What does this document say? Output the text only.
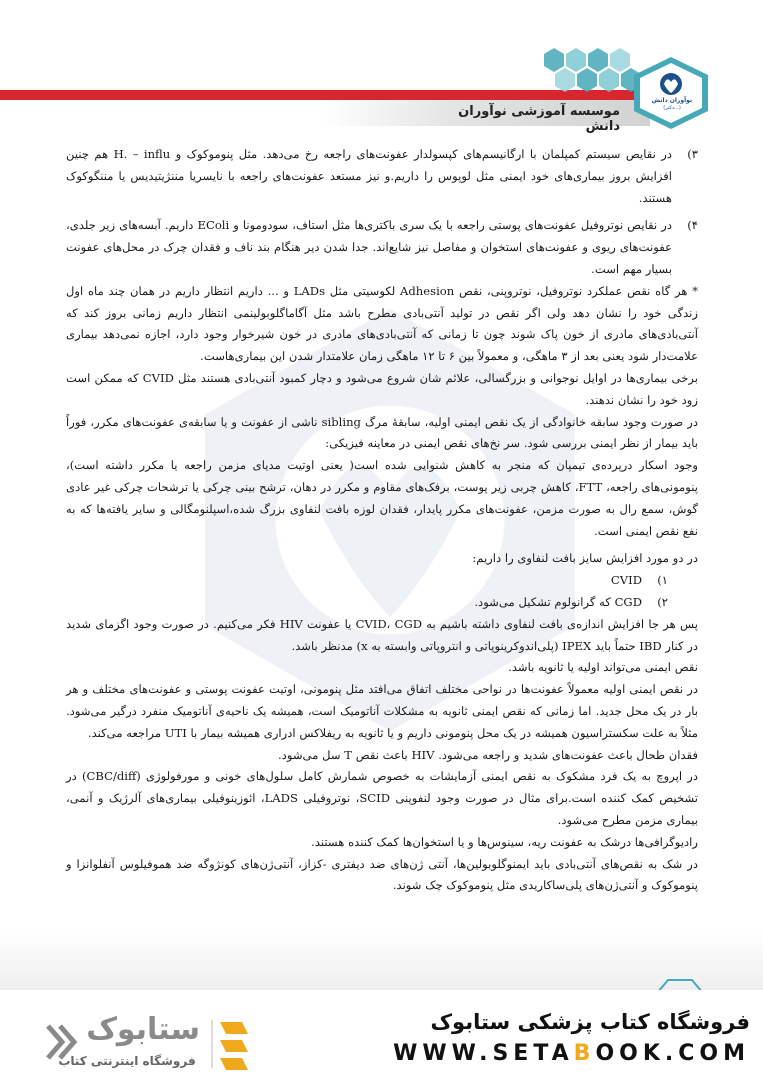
موسسه آموزشی نوآوران دانش
نوآوران دانش
(دکتر...)
۳)
در نقایص سیستم کمپلمان با ارگانیسم‌های کپسولدار عفونت‌های راجعه رخ می‌دهد. مثل پنوموکوک و H. – influ هم چنین افزایش بروز بیماری‌های خود ایمنی مثل لوپوس را داریم.و نیز مستعد عفونت‌های راجعه با نایسریا مننژیتیدیس یا مننگوکوک هستند.
۴)
در نقایص نوتروفیل عفونت‌های پوستی راجعه با یک سری باکتری‌ها مثل استاف، سودومونا و EColi داریم. آبسه‌های زیر جلدی، عفونت‌های ریوی و عفونت‌های استخوان و مفاصل نیز شایع‌اند. جدا شدن دیر هنگام بند ناف و فقدان چرک در محل‌های عفونت بسیار مهم است.

* هر گاه نقص عملکرد نوتروفیل، نوتروپنی، نقص Adhesion لکوسیتی مثل LADs و ... داریم انتظار داریم در همان چند ماه اول زندگی خود را نشان دهد ولی اگر نقص در تولید آنتی‌بادی مطرح باشد مثل آگاماگلوبولینمی انتظار داریم زمانی بروز کند که آنتی‌بادی‌های مادری از خون پاک شوند چون تا زمانی که آنتی‌بادی‌های مادری در خون شیرخوار وجود دارد، اجازه نمی‌دهد بیماری علامت‌دار شود یعنی بعد از ۳ ماهگی، و معمولاً بین ۶ تا ۱۲ ماهگی زمان علامتدار شدن این بیماری‌هاست.

برخی بیماری‌ها در اوایل نوجوانی و بزرگسالی، علائم شان شروع می‌شود و دچار کمبود آنتی‌بادی هستند مثل CVID که ممکن است زود خود را نشان ندهند.

در صورت وجود سابقه خانوادگی از یک نقص ایمنی اولیه، سابقهٔ مرگ sibling ناشی از عفونت و یا سابقه‌ی عفونت‌های مکرر، فوراً باید بیمار از نظر ایمنی بررسی شود. سر نخ‌های نقص ایمنی در معاینه فیزیکی:

وجود اسکار درپرده‌ی تیمپان که منجر به کاهش شنوایی شده است( یعنی اوتیت مدیای مزمن راجعه یا مکرر داشته است)، پنومونی‌های راجعه، FTT، کاهش چربی زیر پوست، برفک‌های مقاوم و مکرر در دهان، ترشح بینی چرکی یا ترشحات چرکی غیر عادی گوش، سمع رال به صورت مزمن، عفونت‌های مکرر پایدار، فقدان لوزه بافت لنفاوی بزرگ شده،اسپلنومگالی و سایر یافته‌ها که به نفع نقص ایمنی است.

در دو مورد افزایش سایز بافت لنفاوی را داریم:

۱)
CVID
۲)
CGD که گرانولوم تشکیل می‌شود.

پس هر جا افزایش اندازه‌ی بافت لنفاوی داشته باشیم به CVID، CGD یا عفونت HIV فکر می‌کنیم. در صورت وجود اگزمای شدید در کنار IBD حتماً باید IPEX (پلی‌اندوکرینوپاتی و انتروپاتی وابسته به x) مدنظر باشد.

نقص ایمنی می‌تواند اولیه یا ثانویه باشد.

در نقص ایمنی اولیه معمولاً عفونت‌ها در نواحی مختلف اتفاق می‌افتد مثل پنومونی، اوتیت عفونت پوستی و عفونت‌های مختلف و هر بار در یک محل جدید. اما زمانی که نقص ایمنی ثانویه به مشکلات آناتومیک است، همیشه یک ناحیه‌ی آناتومیک منفرد درگیر می‌شود. مثلاً به علت سکستراسیون همیشه در یک محل پنومونی داریم و یا ثانویه به ریفلاکس ادراری همیشه بیمار با UTI مراجعه می‌کند.

فقدان طحال باعث عفونت‌های شدید و راجعه می‌شود. HIV باعث نقص T سل می‌شود.

در اپروچ به یک فرد مشکوک به نقص ایمنی آزمایشات به خصوص شمارش کامل سلول‌های خونی و مورفولوژی (CBC/diff) در تشخیص کمک کننده است.برای مثال در صورت وجود لنفوپنی SCID، نوتروفیلی LADS، ائوزینوفیلی بیماری‌های آلرژیک و آنمی، بیماری مزمن مطرح می‌شود.

رادیوگرافی‌ها درشک به عفونت ریه، سینوس‌ها و یا استخوان‌ها کمک کننده هستند.

در شک به نقص‌های آنتی‌بادی باید ایمنوگلوبولین‌ها، آنتی ژن‌های ضد دیفتری -کزاز، آنتی‌ژن‌های کونژوگه ضد هموفیلوس آنفلوانزا و پنوموکوک و آنتی‌ژن‌های پلی‌ساکاریدی مثل پنوموکوک چک شوند.

فروشگاه کتاب پزشکی ستابوک
WWW.SETABOOK.COM
ستابوک
فروشگاه اینترنتی کتاب
